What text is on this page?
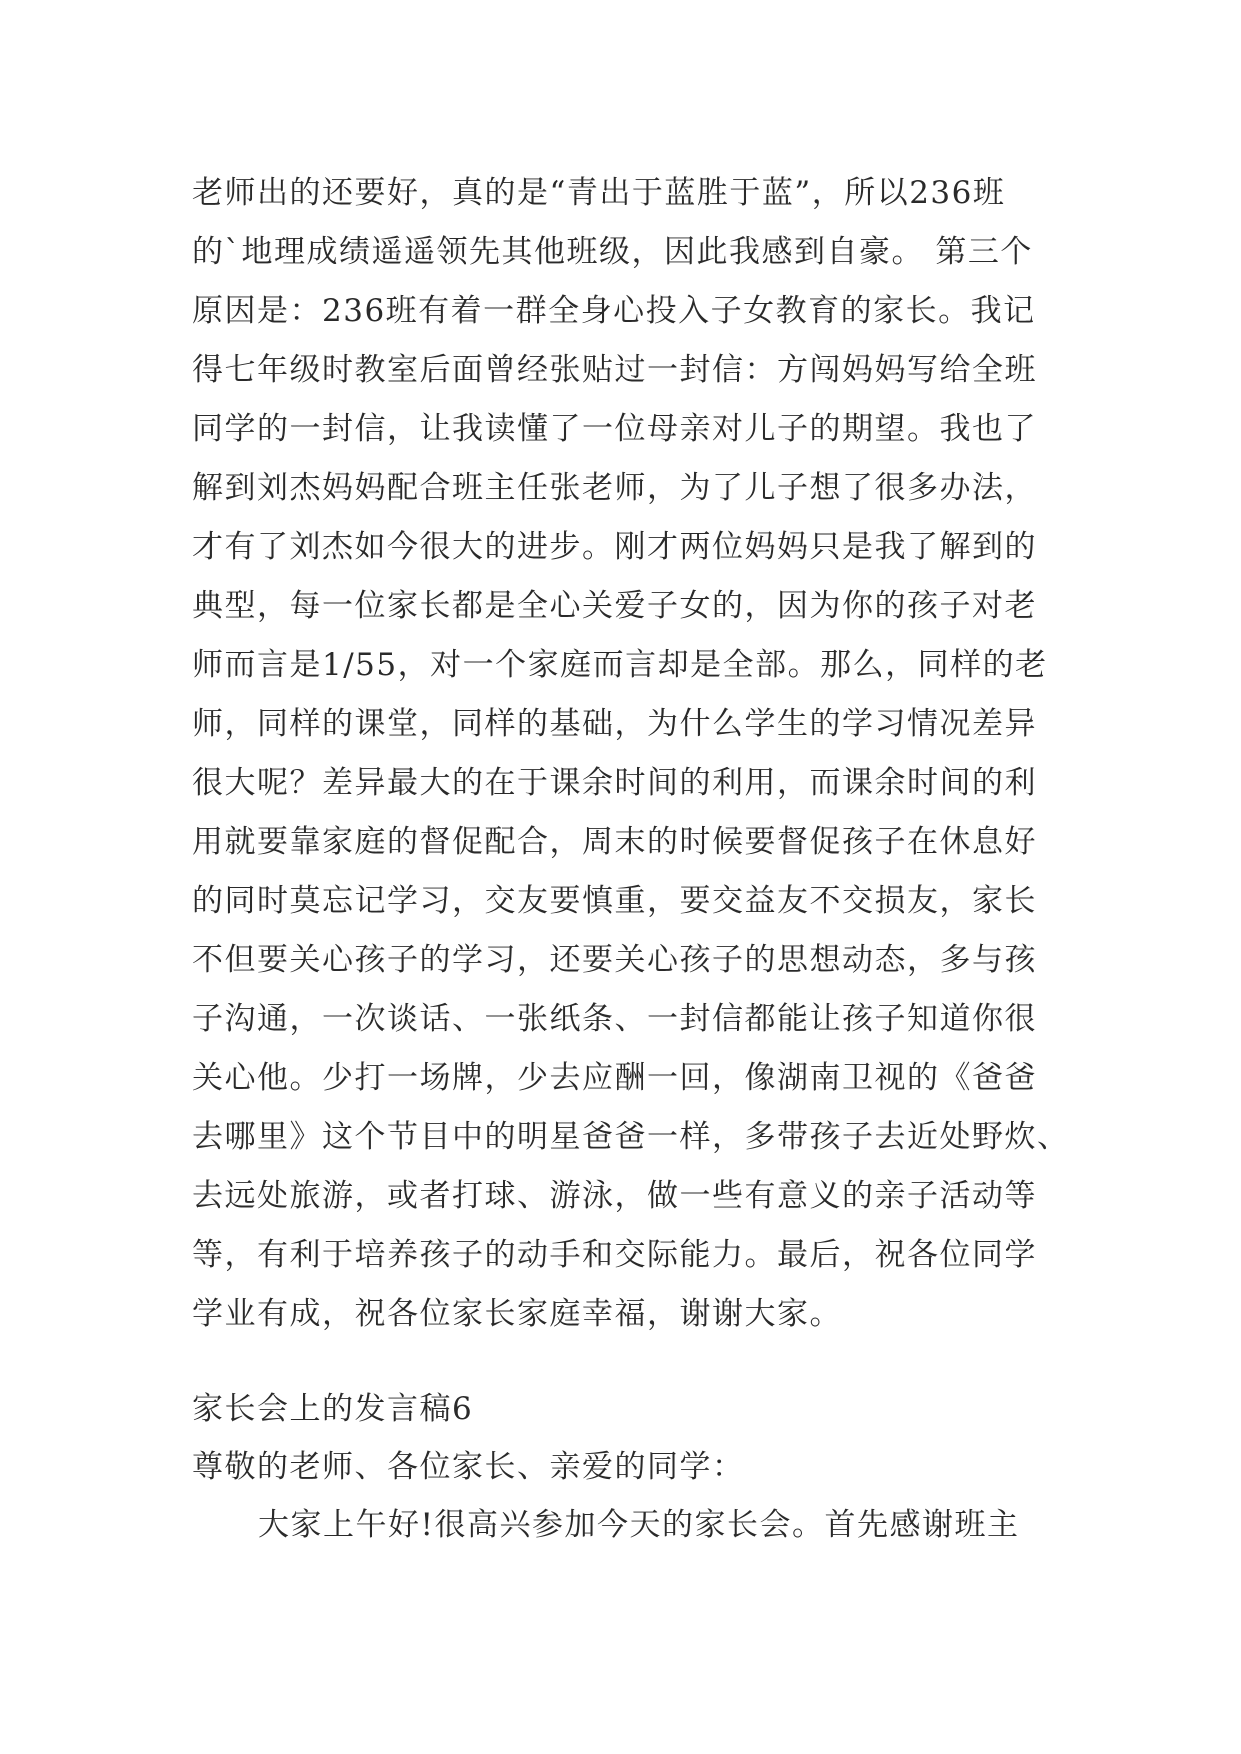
老师出的还要好，真的是“青出于蓝胜于蓝”，所以236班
的`地理成绩遥遥领先其他班级，因此我感到自豪。 第三个
原因是：236班有着一群全身心投入子女教育的家长。我记
得七年级时教室后面曾经张贴过一封信：方闯妈妈写给全班
同学的一封信，让我读懂了一位母亲对儿子的期望。我也了
解到刘杰妈妈配合班主任张老师，为了儿子想了很多办法，
才有了刘杰如今很大的进步。刚才两位妈妈只是我了解到的
典型，每一位家长都是全心关爱子女的，因为你的孩子对老
师而言是1/55，对一个家庭而言却是全部。那么，同样的老
师，同样的课堂，同样的基础，为什么学生的学习情况差异
很大呢？差异最大的在于课余时间的利用，而课余时间的利
用就要靠家庭的督促配合，周末的时候要督促孩子在休息好
的同时莫忘记学习，交友要慎重，要交益友不交损友，家长
不但要关心孩子的学习，还要关心孩子的思想动态，多与孩
子沟通，一次谈话、一张纸条、一封信都能让孩子知道你很
关心他。少打一场牌，少去应酬一回，像湖南卫视的《爸爸
去哪里》这个节目中的明星爸爸一样，多带孩子去近处野炊、
去远处旅游，或者打球、游泳，做一些有意义的亲子活动等
等，有利于培养孩子的动手和交际能力。最后，祝各位同学
学业有成，祝各位家长家庭幸福，谢谢大家。
家长会上的发言稿6
尊敬的老师、各位家长、亲爱的同学：
大家上午好!很高兴参加今天的家长会。首先感谢班主
